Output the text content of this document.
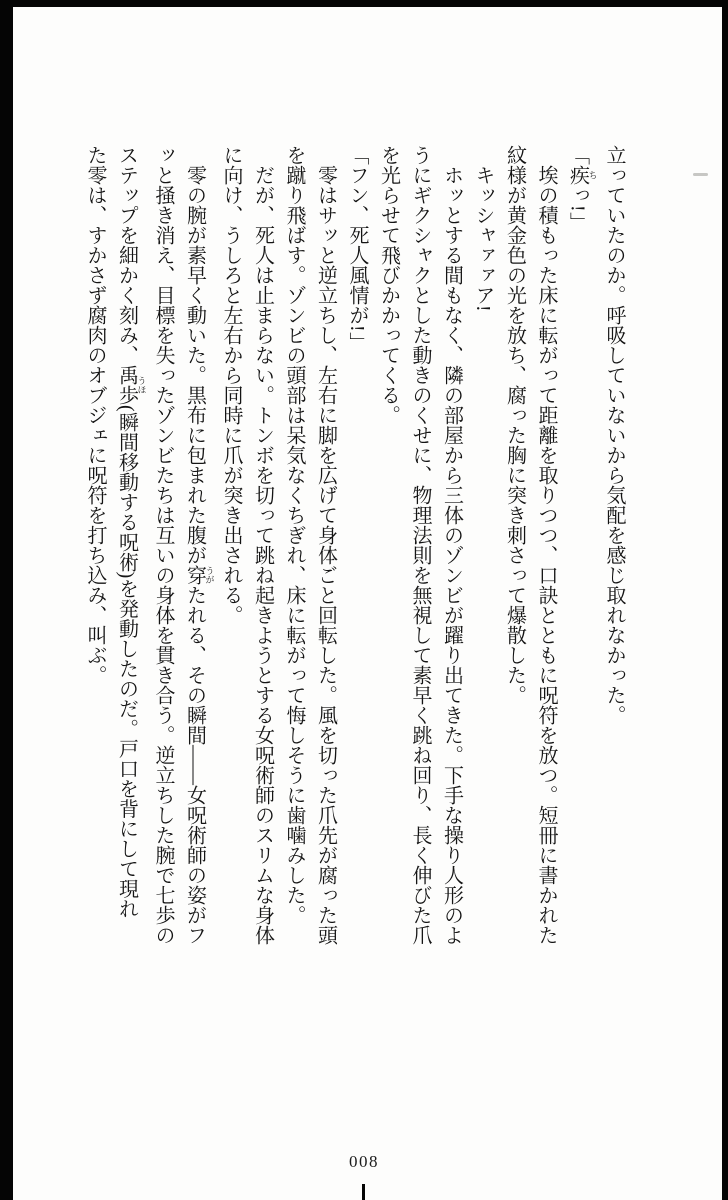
立っていたのか。呼吸していないから気配を感じ取れなかった。
「疾 ちっ!」
埃の積もった床に転がって距離を取りつつ、口訣とともに呪符を放つ。短冊に書かれた
紋様が黄金色の光を放ち、腐った胸に突き刺さって爆散した。
キッシャァァア!
ホッとする間もなく、隣の部屋から三体のゾンビが躍り出てきた。下手な操り人形のよ
うにギクシャクとした動きのくせに、物理法則を無視して素早く跳ね回り、長く伸びた爪
を光らせて飛びかかってくる。
「フン、死人風情が!」
零はサッと逆立ちし、左右に脚を広げて身体ごと回転した。風を切った爪先が腐った頭
を蹴り飛ばす。ゾンビの頭部は呆気なくちぎれ、床に転がって悔しそうに歯噛みした。
だが、死人は止まらない。トンボを切って跳ね起きようとする女呪術師のスリムな身体
に向け、うしろと左右から同時に爪が突き出される。
零の腕が素早く動いた。黒布に包まれた腹が穿 うがたれる、その瞬間――女呪術師の姿がフ
ッと掻き消え、目標を失ったゾンビたちは互いの身体を貫き合う。逆立ちした腕で七歩の
ステップを細かく刻み、禹歩 うほ(瞬間移動する呪術)を発動したのだ。戸口を背にして現れ
た零は、すかさず腐肉のオブジェに呪符を打ち込み、叫ぶ。
008
